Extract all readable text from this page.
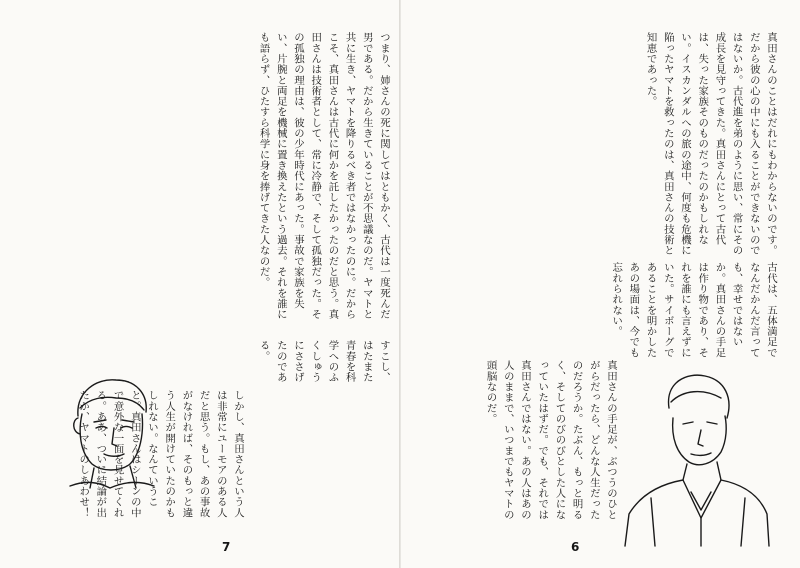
つまり、姉さんの死に関してはともかく、古代は一度死んだ男である。だから生きていることが不思議なのだ。ヤマトと共に生き、ヤマトを降りるべき者ではなかったのに。だからこそ、真田さんは古代に何かを託したかったのだと思う。真田さんは技術者として、常に冷静で、そして孤独だった。その孤独の理由は、彼の少年時代にあった。事故で家族を失い、片腕と両足を機械に置き換えたという過去。それを誰にも語らず、ひたすら科学に身を捧げてきた人なのだ。
すこし、はたまた青春を科学へのふくしゅうにささげたのである。
しかし、真田さんという人は非常にユーモアのある人だと思う。もし、あの事故がなければ、そのもっと違う人生が開けていたのかもしれない。なんていうこと。真田さんはシーンの中で意外な一面を見せてくれる。ああ、ついに結論が出たか、ヤマトのしあわせ！
7
真田さんのことはだれにもわからないのです。だから彼の心の中にも入ることができないのではないか。古代進を弟のように思い、常にその成長を見守ってきた。真田さんにとって古代は、失った家族そのものだったのかもしれない。イスカンダルへの旅の途中、何度も危機に陥ったヤマトを救ったのは、真田さんの技術と知恵であった。
古代は、五体満足でなんだかんだ言っても、幸せではないか。真田さんの手足は作り物であり、それを誰にも言えずにいた。サイボーグであることを明かしたあの場面は、今でも忘れられない。
真田さんの手足が、ぶつうのひとがらだったら、どんな人生だったのだろうか。たぶん、もっと明るく、そしてのびのびとした人になっていたはずだ。でも、それでは真田さんではない。あの人はあの人のままで、いつまでもヤマトの頭脳なのだ。
6
